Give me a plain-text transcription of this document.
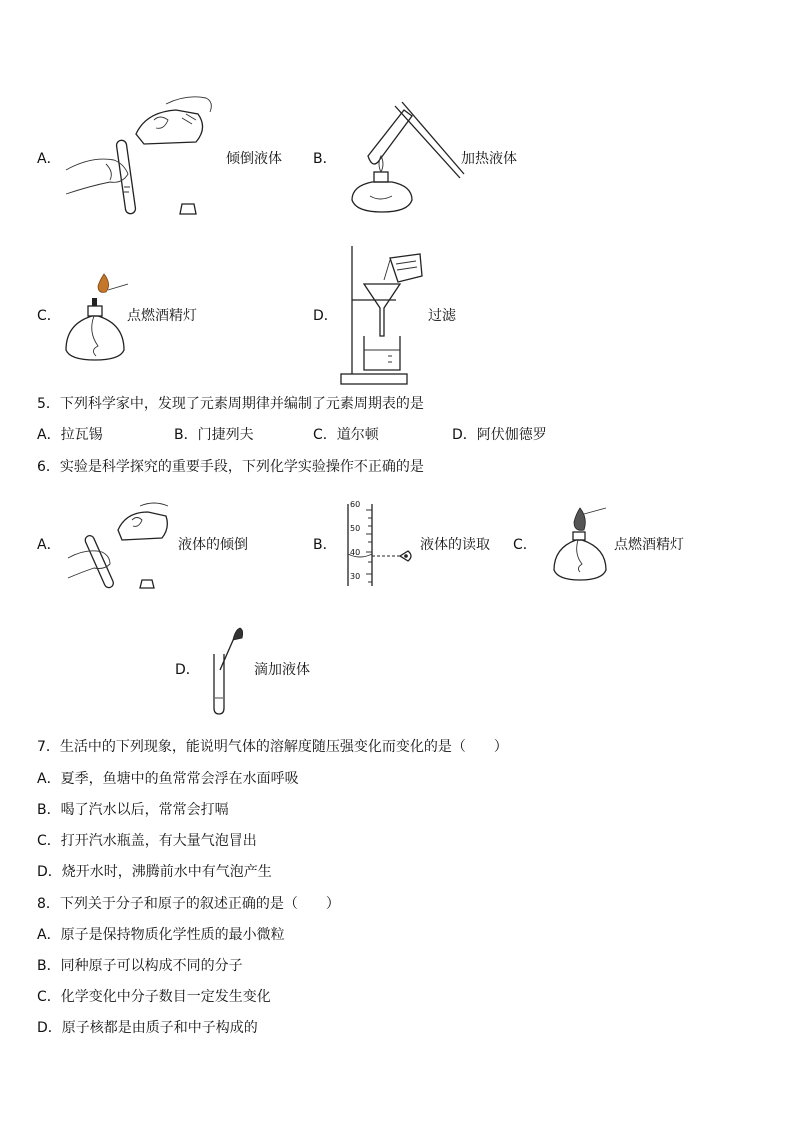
A．	倾倒液体 B．	加热液体
C．	点燃酒精灯	D．	过滤
5．下列科学家中，发现了元素周期律并编制了元素周期表的是
A．拉瓦锡	B．门捷列夫	C．道尔顿	D．阿伏伽德罗
6．实验是科学探究的重要手段，下列化学实验操作不正确的是
A．	液体的倾倒	B．
60
50
40
30
液体的读取 C．	点燃酒精灯
D．	滴加液体
7．生活中的下列现象，能说明气体的溶解度随压强变化而变化的是（　　）
A．夏季，鱼塘中的鱼常常会浮在水面呼吸
B．喝了汽水以后，常常会打嗝
C．打开汽水瓶盖，有大量气泡冒出
D．烧开水时，沸腾前水中有气泡产生
8．下列关于分子和原子的叙述正确的是（　　）
A．原子是保持物质化学性质的最小微粒
B．同种原子可以构成不同的分子
C．化学变化中分子数目一定发生变化
D．原子核都是由质子和中子构成的
